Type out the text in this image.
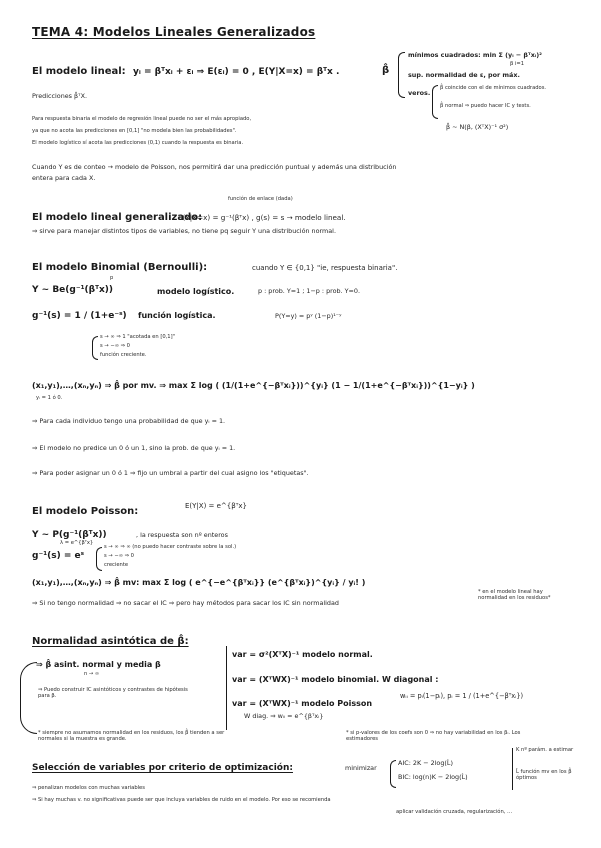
TEMA 4: Modelos Lineales Generalizados
El modelo lineal: yᵢ = βᵀxᵢ + εᵢ ⇒ E(εᵢ) = 0 , E(Y|X=x) = βᵀx .	β̂
mínimos cuadrados: min Σ (yᵢ − βᵀxᵢ)²
β i=1
sup. normalidad de ε, por máx.
veros.
β̂ coincide con el de mínimos cuadrados.
β̂ normal ⇒ puedo hacer IC y tests.
β̂ ~ N(β, (XᵀX)⁻¹ σ²)
Predicciones β̂ᵀX.
Para respuesta binaria el modelo de regresión lineal puede no ser el más apropiado,
ya que no acota las predicciones en [0,1] "no modela bien las probabilidades".
El modelo logístico sí acota las predicciones (0,1) cuando la respuesta es binaria.
Cuando Y es de conteo → modelo de Poisson, nos permitirá dar una predicción puntual y además una distribución
entera para cada X.
función de enlace (dada)
El modelo lineal generalizado:
E(Y|X=x) = g⁻¹(βᵀx) , g(s) = s → modelo lineal.
⇒ sirve para manejar distintos tipos de variables, no tiene pq seguir Y una distribución normal.
El modelo Binomial (Bernoulli):	cuando Y ∈ {0,1} "ie, respuesta binaria".
p
Y ~ Be(g⁻¹(βᵀx))	modelo logístico.	p : prob. Y=1 ; 1−p : prob. Y=0.
g⁻¹(s) = 1 / (1+e⁻ˢ) función logística.	P(Y=y) = pʸ (1−p)¹⁻ʸ
s → ∞ ⇒ 1 "acotada en [0,1]"
s → −∞ ⇒ 0
función creciente.
(x₁,y₁),…,(xₙ,yₙ) ⇒ β̂ por mv. ⇒ max Σ log ( (1/(1+e^{−βᵀxᵢ}))^{yᵢ} (1 − 1/(1+e^{−βᵀxᵢ}))^{1−yᵢ} )
yᵢ = 1 ó 0.
⇒ Para cada individuo tengo una probabilidad de que yᵢ = 1.
⇒ El modelo no predice un 0 ó un 1, sino la prob. de que yᵢ = 1.
⇒ Para poder asignar un 0 ó 1 ⇒ fijo un umbral a partir del cual asigno los "etiquetas".
El modelo Poisson:	E(Y|X) = e^{βᵀx}
Y ~ P(g⁻¹(βᵀx))
λ = e^{βᵀx}
, la respuesta son nº enteros
g⁻¹(s) = eˢ
s → ∞ ⇒ ∞ (no puedo hacer contraste sobre la sol.)
s → −∞ ⇒ 0
creciente
(x₁,y₁),…,(xₙ,yₙ) ⇒ β̂ mv: max Σ log ( e^{−e^{βᵀxᵢ}} (e^{βᵀxᵢ})^{yᵢ} / yᵢ! )
⇒ Si no tengo normalidad ⇒ no sacar el IC ⇒ pero hay métodos para sacar los IC sin normalidad
* en el modelo lineal hay normalidad en los residuos*
Normalidad asintótica de β̂:
⇒ β̂ asint. normal y media β
n → ∞
⇒ Puedo construir IC asintóticos y contrastes de hipótesis para β.
var = σ²(XᵀX)⁻¹ modelo normal.
var = (XᵀWX)⁻¹ modelo binomial. W diagonal :
wᵢᵢ = pᵢ(1−pᵢ), pᵢ = 1 / (1+e^{−βᵀxᵢ})
var = (XᵀWX)⁻¹ modelo Poisson
W diag. ⇒ wᵢᵢ = e^{βᵀxᵢ}
* siempre no asumamos normalidad en los residuos, los β̂ tienden a ser normales si la muestra es grande.
* si p-valores de los coefs son 0 ⇒ no hay variabilidad en los βᵢ. Los estimadores
Selección de variables por criterio de optimización:	minimizar
AIC: 2K − 2log(L̂)
BIC: log(n)K − 2log(L̂)
K nº parám. a estimar
L̂ función mv en los β̂ óptimos
⇒ penalizan modelos con muchas variables
⇒ Si hay muchas v. no significativas puede ser que incluya variables de ruido en el modelo. Por eso se recomienda
aplicar validación cruzada, regularización, …
